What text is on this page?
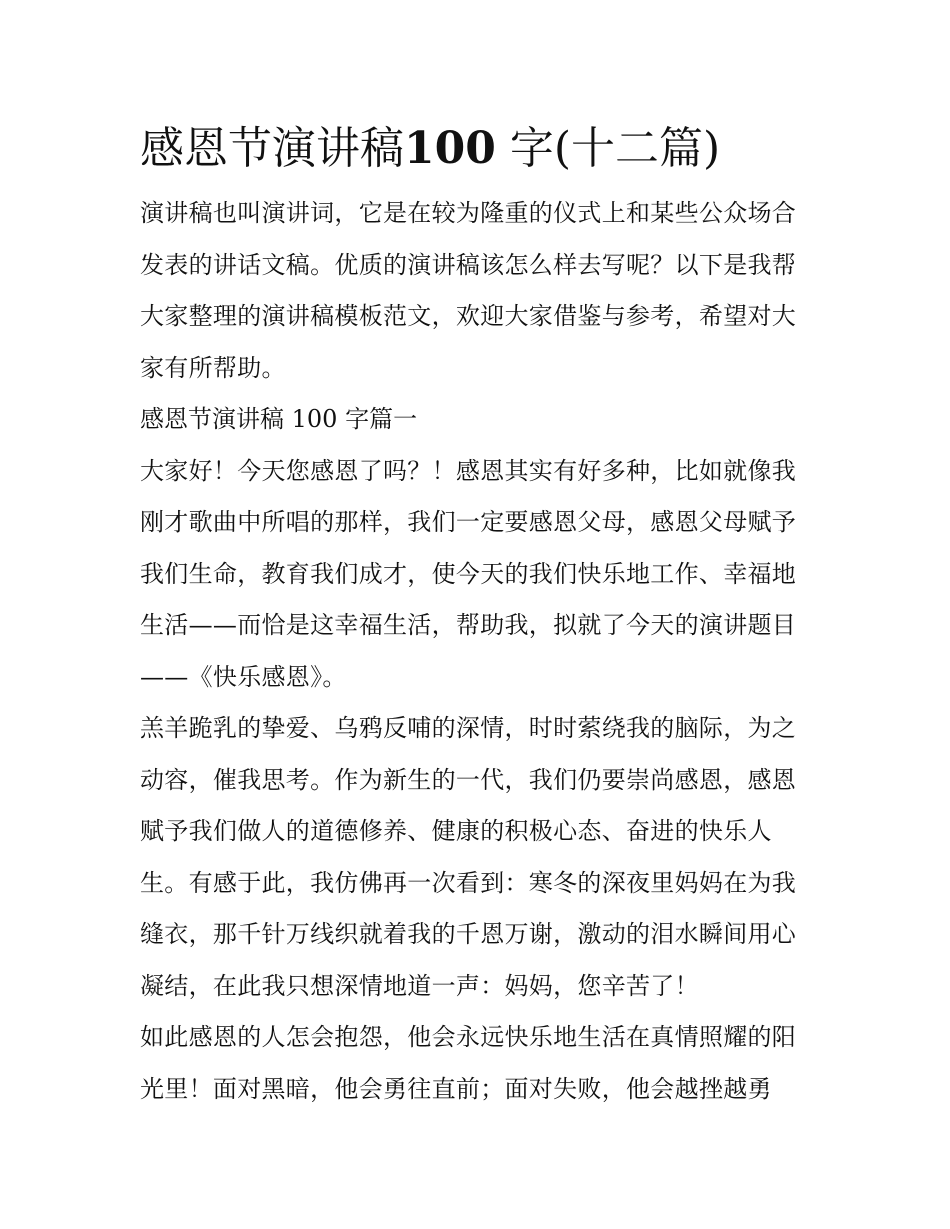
感恩节演讲稿100 字(十二篇)

演讲稿也叫演讲词，它是在较为隆重的仪式上和某些公众场合
发表的讲话文稿。优质的演讲稿该怎么样去写呢？以下是我帮
大家整理的演讲稿模板范文，欢迎大家借鉴与参考，希望对大
家有所帮助。

感恩节演讲稿 100 字篇一

大家好！今天您感恩了吗？！感恩其实有好多种，比如就像我
刚才歌曲中所唱的那样，我们一定要感恩父母，感恩父母赋予
我们生命，教育我们成才，使今天的我们快乐地工作、幸福地
生活——而恰是这幸福生活，帮助我，拟就了今天的演讲题目
——《快乐感恩》。

羔羊跪乳的挚爱、乌鸦反哺的深情，时时萦绕我的脑际，为之
动容，催我思考。作为新生的一代，我们仍要崇尚感恩，感恩
赋予我们做人的道德修养、健康的积极心态、奋进的快乐人
生。有感于此，我仿佛再一次看到：寒冬的深夜里妈妈在为我
缝衣，那千针万线织就着我的千恩万谢，激动的泪水瞬间用心
凝结，在此我只想深情地道一声：妈妈，您辛苦了！

如此感恩的人怎会抱怨，他会永远快乐地生活在真情照耀的阳
光里！面对黑暗，他会勇往直前；面对失败，他会越挫越勇
